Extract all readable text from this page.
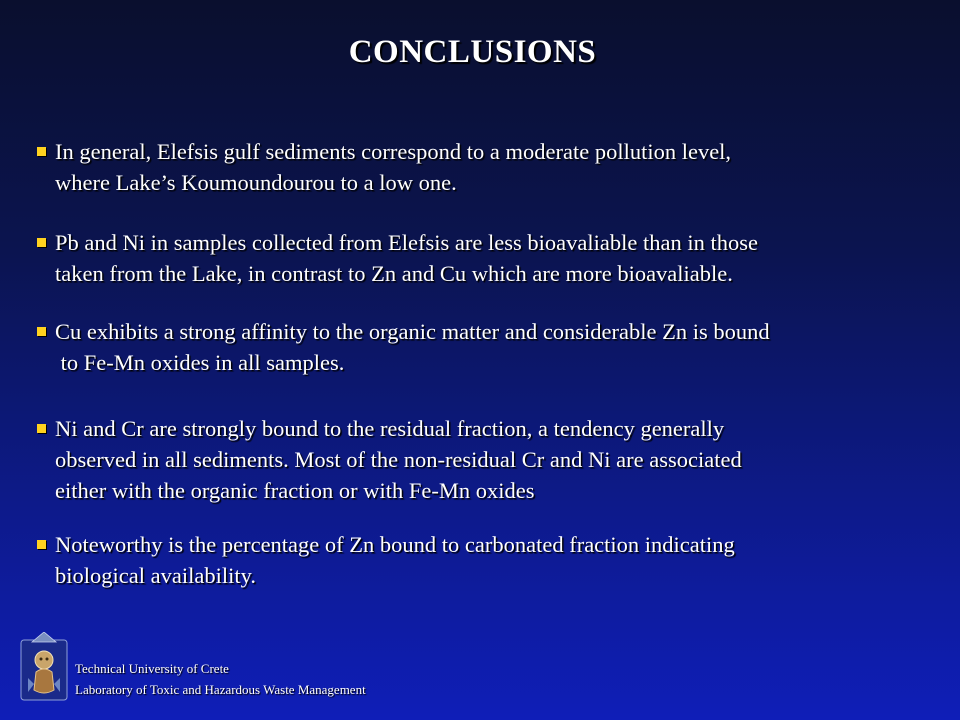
CONCLUSIONS
In general, Elefsis gulf sediments correspond to a moderate pollution level,
where Lake’s Koumoundourou to a low one.
Pb and Ni in samples collected from Elefsis are less bioavaliable than in those
taken from the Lake, in contrast to Zn and Cu which are more bioavaliable.
Cu exhibits a strong affinity to the organic matter and considerable Zn is bound
to Fe-Mn oxides in all samples.
Ni and Cr are strongly bound to the residual fraction, a tendency generally
observed in all sediments. Most of the non-residual Cr and Ni are associated
either with the organic fraction or with Fe-Mn oxides
Noteworthy is the percentage of Zn bound to carbonated fraction indicating
biological availability.
Technical University of Crete
Laboratory of Toxic and Hazardous Waste Management
